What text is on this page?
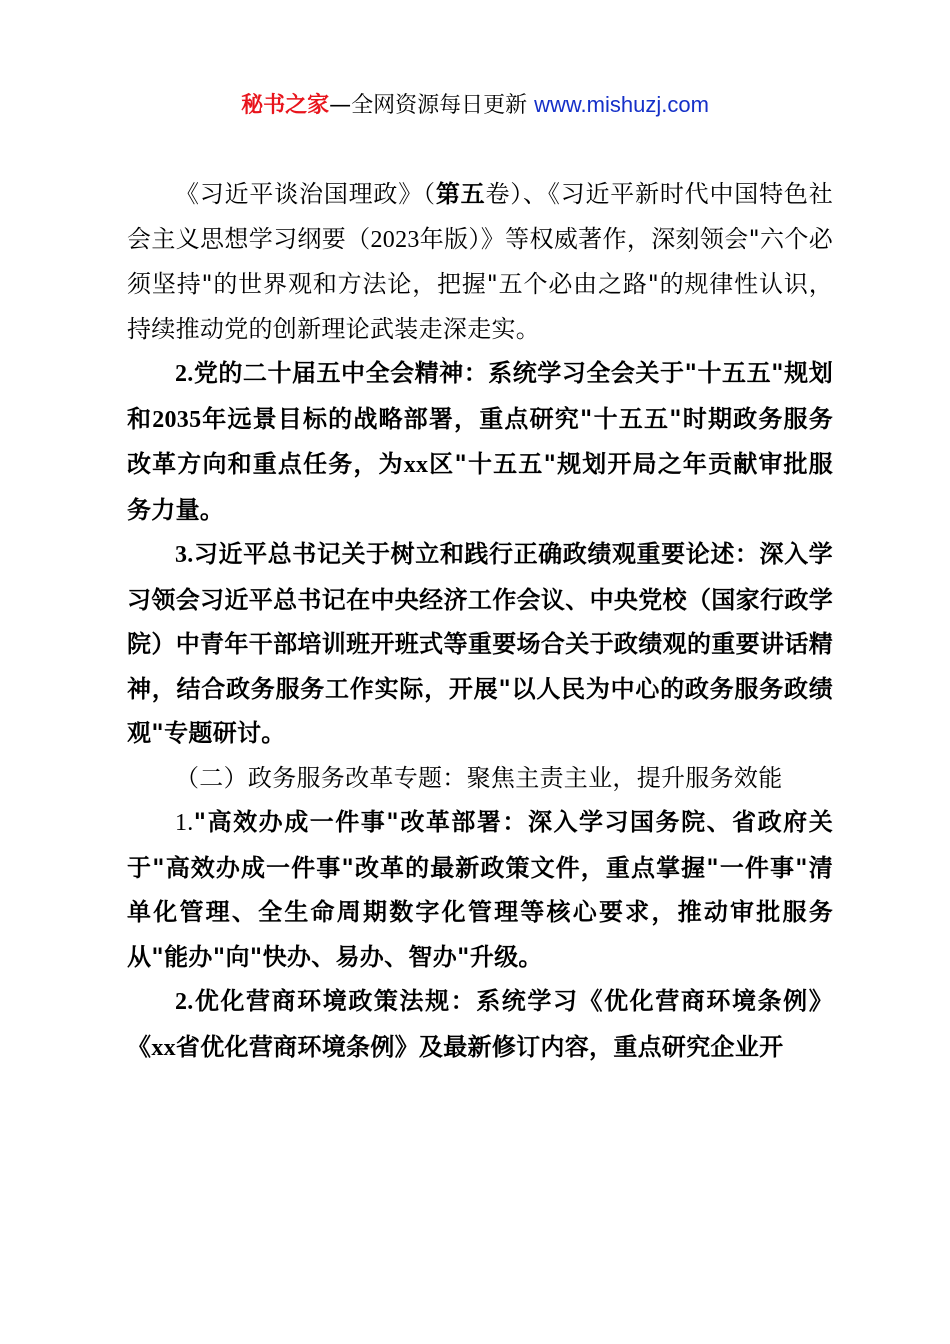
秘书之家—全网资源每日更新 www.mishuzj.com

《习近平谈治国理政》（第五卷）、《习近平新时代中国特色社会主义思想学习纲要（2023年版）》等权威著作，深刻领会"六个必须坚持"的世界观和方法论，把握"五个必由之路"的规律性认识，持续推动党的创新理论武装走深走实。

2.党的二十届五中全会精神：系统学习全会关于"十五五"规划和2035年远景目标的战略部署，重点研究"十五五"时期政务服务改革方向和重点任务，为xx区"十五五"规划开局之年贡献审批服务力量。

3.习近平总书记关于树立和践行正确政绩观重要论述：深入学习领会习近平总书记在中央经济工作会议、中央党校（国家行政学院）中青年干部培训班开班式等重要场合关于政绩观的重要讲话精神，结合政务服务工作实际，开展"以人民为中心的政务服务政绩观"专题研讨。

（二）政务服务改革专题：聚焦主责主业，提升服务效能

1."高效办成一件事"改革部署：深入学习国务院、省政府关于"高效办成一件事"改革的最新政策文件，重点掌握"一件事"清单化管理、全生命周期数字化管理等核心要求，推动审批服务从"能办"向"快办、易办、智办"升级。

2.优化营商环境政策法规：系统学习《优化营商环境条例》《xx省优化营商环境条例》及最新修订内容，重点研究企业开
